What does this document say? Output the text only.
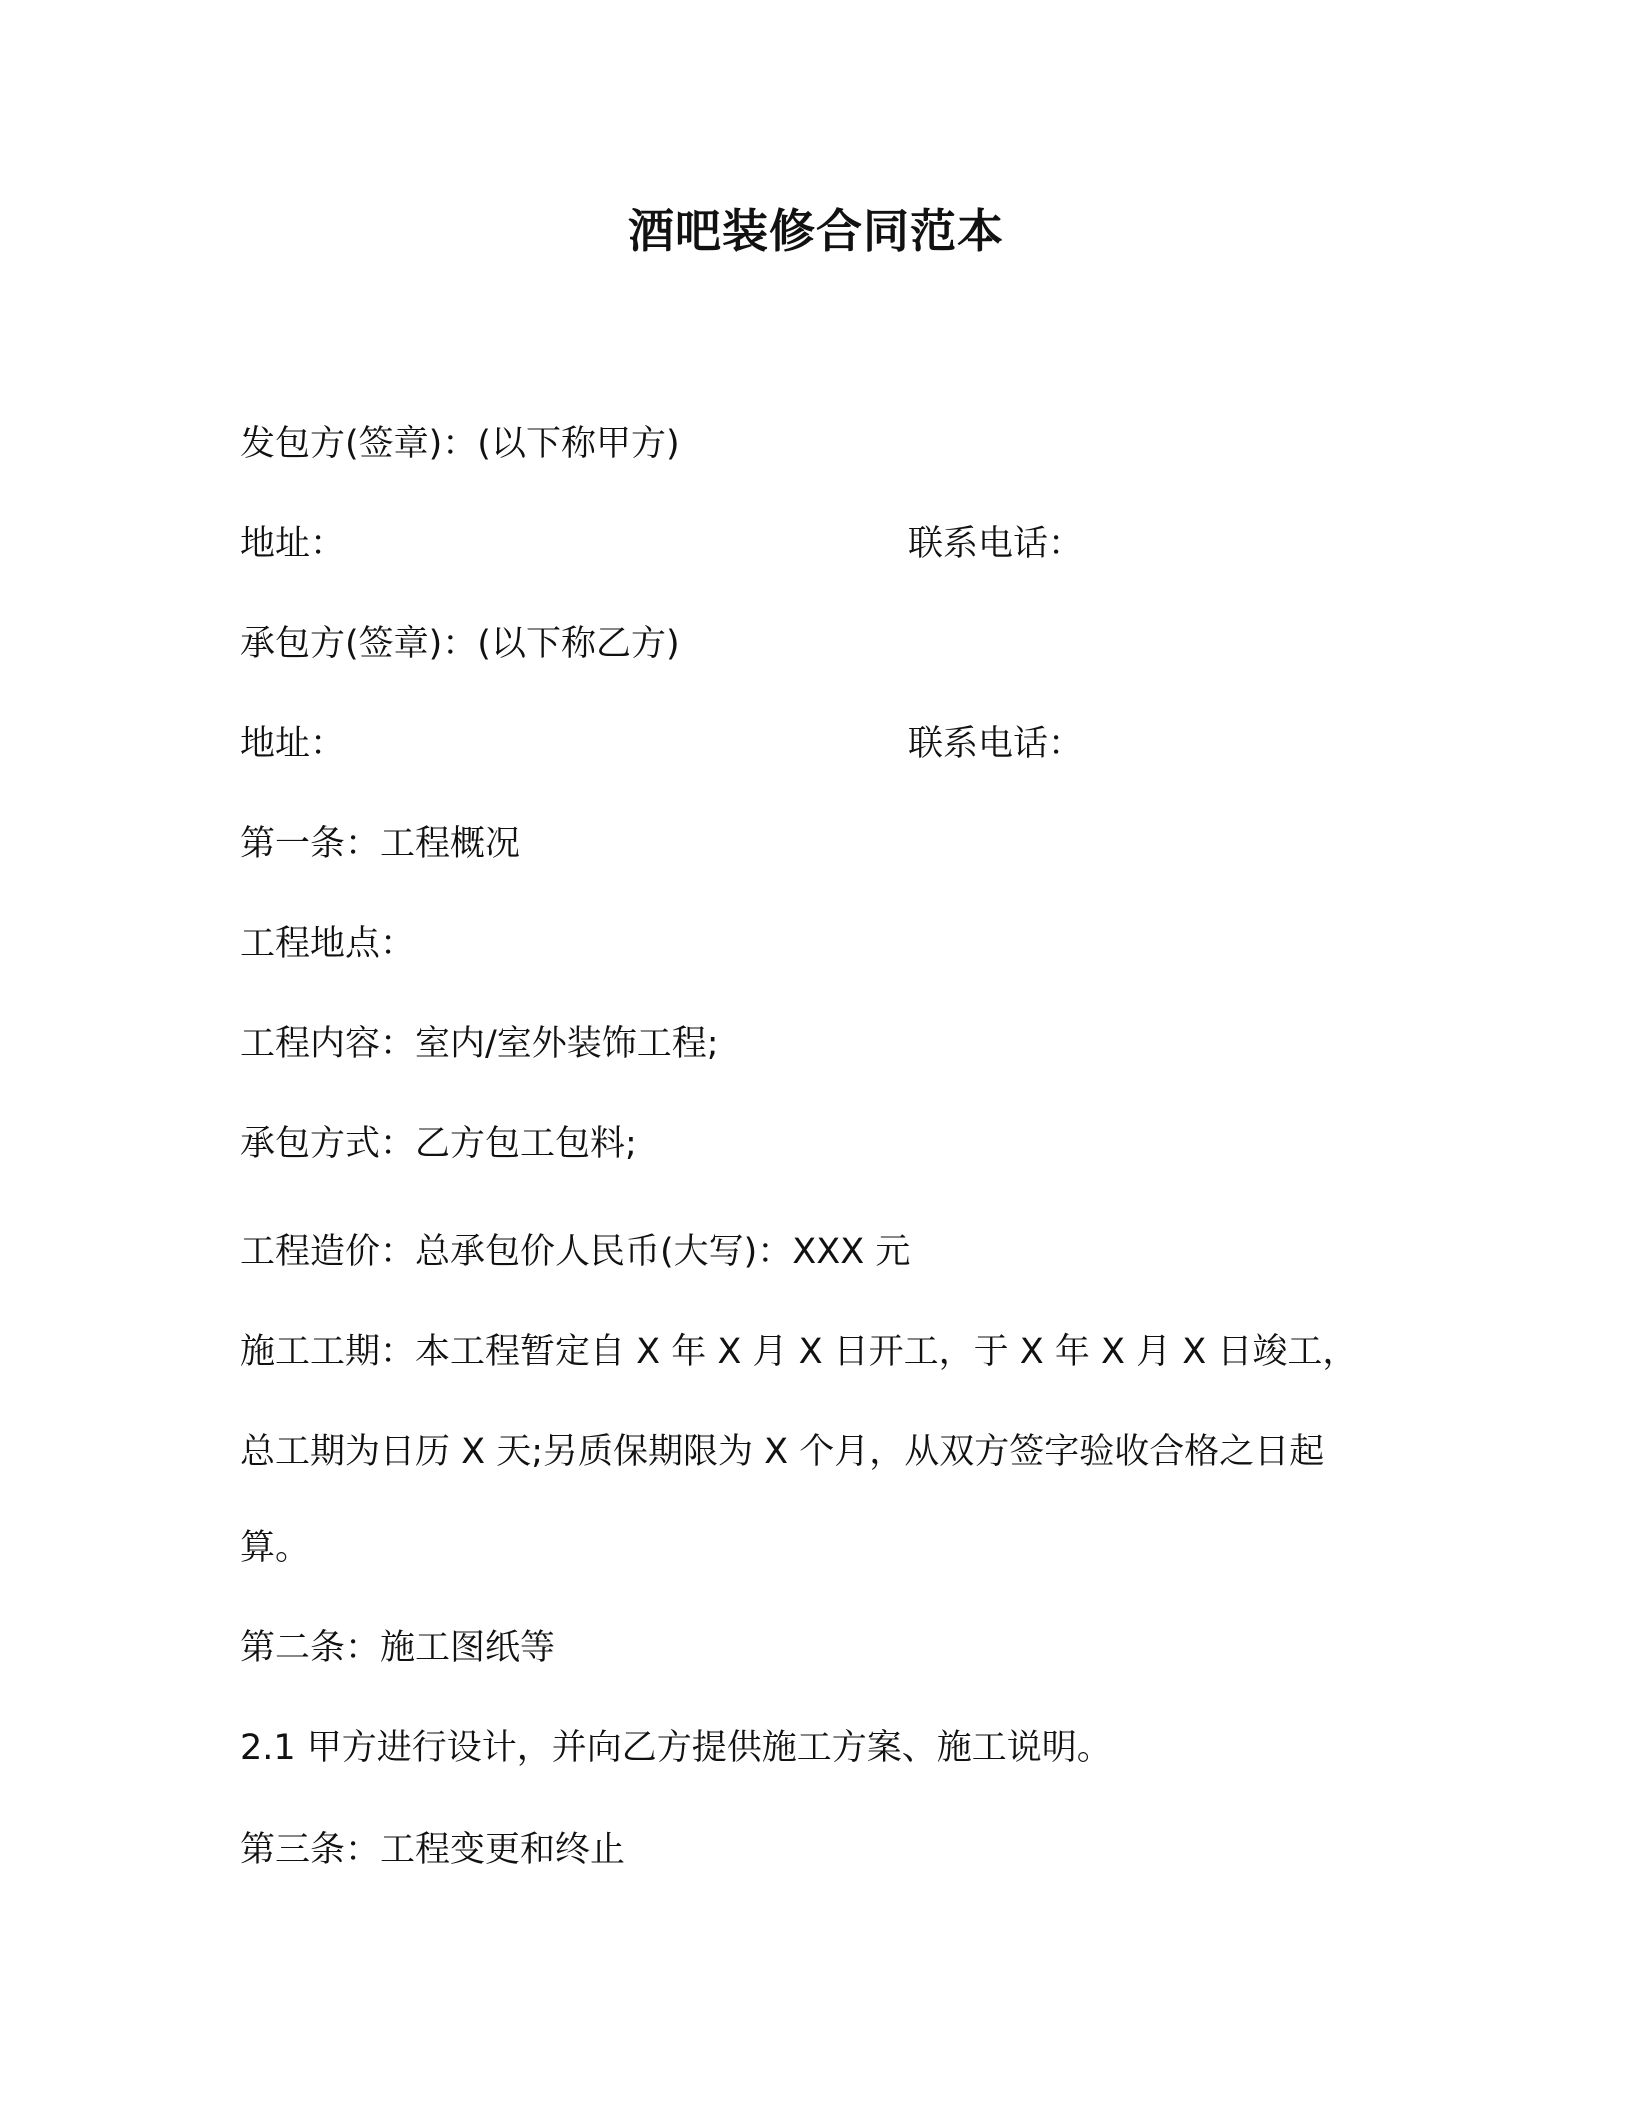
酒吧装修合同范本
发包方(签章)：(以下称甲方)
地址：	联系电话：
承包方(签章)：(以下称乙方)
地址：	联系电话：
第一条：工程概况
工程地点：
工程内容：室内/室外装饰工程;
承包方式：乙方包工包料;
工程造价：总承包价人民币(大写)：XXX 元
施工工期：本工程暂定自 X 年 X 月 X 日开工，于 X 年 X 月 X 日竣工，
总工期为日历 X 天;另质保期限为 X 个月，从双方签字验收合格之日起
算。
第二条：施工图纸等
2.1 甲方进行设计，并向乙方提供施工方案、施工说明。
第三条：工程变更和终止
